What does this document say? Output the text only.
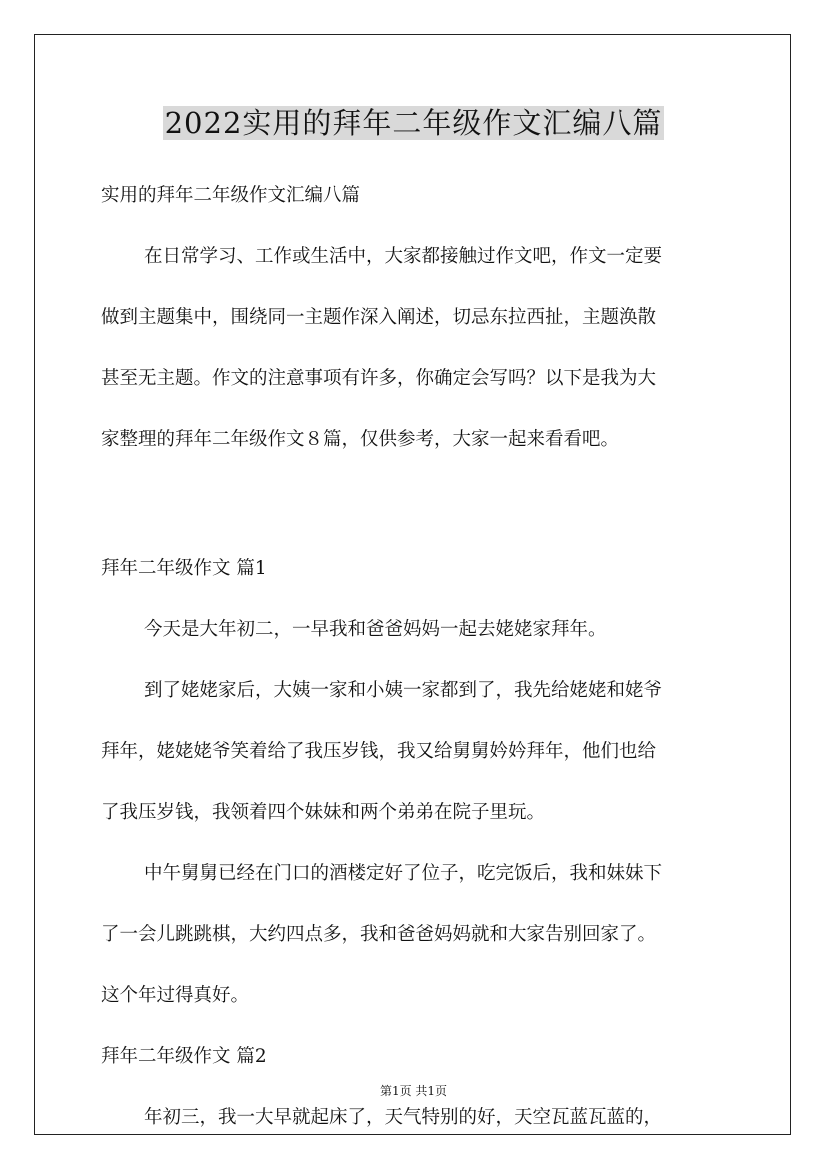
2022实用的拜年二年级作文汇编八篇
实用的拜年二年级作文汇编八篇
在日常学习、工作或生活中，大家都接触过作文吧，作文一定要
做到主题集中，围绕同一主题作深入阐述，切忌东拉西扯，主题涣散
甚至无主题。作文的注意事项有许多，你确定会写吗？以下是我为大
家整理的拜年二年级作文８篇，仅供参考，大家一起来看看吧。
拜年二年级作文 篇1
今天是大年初二，一早我和爸爸妈妈一起去姥姥家拜年。
到了姥姥家后，大姨一家和小姨一家都到了，我先给姥姥和姥爷
拜年，姥姥姥爷笑着给了我压岁钱，我又给舅舅妗妗拜年，他们也给
了我压岁钱，我领着四个妹妹和两个弟弟在院子里玩。
中午舅舅已经在门口的酒楼定好了位子，吃完饭后，我和妹妹下
了一会儿跳跳棋，大约四点多，我和爸爸妈妈就和大家告别回家了。
这个年过得真好。
拜年二年级作文 篇2
年初三，我一大早就起床了，天气特别的好，天空瓦蓝瓦蓝的，
第1页 共1页
